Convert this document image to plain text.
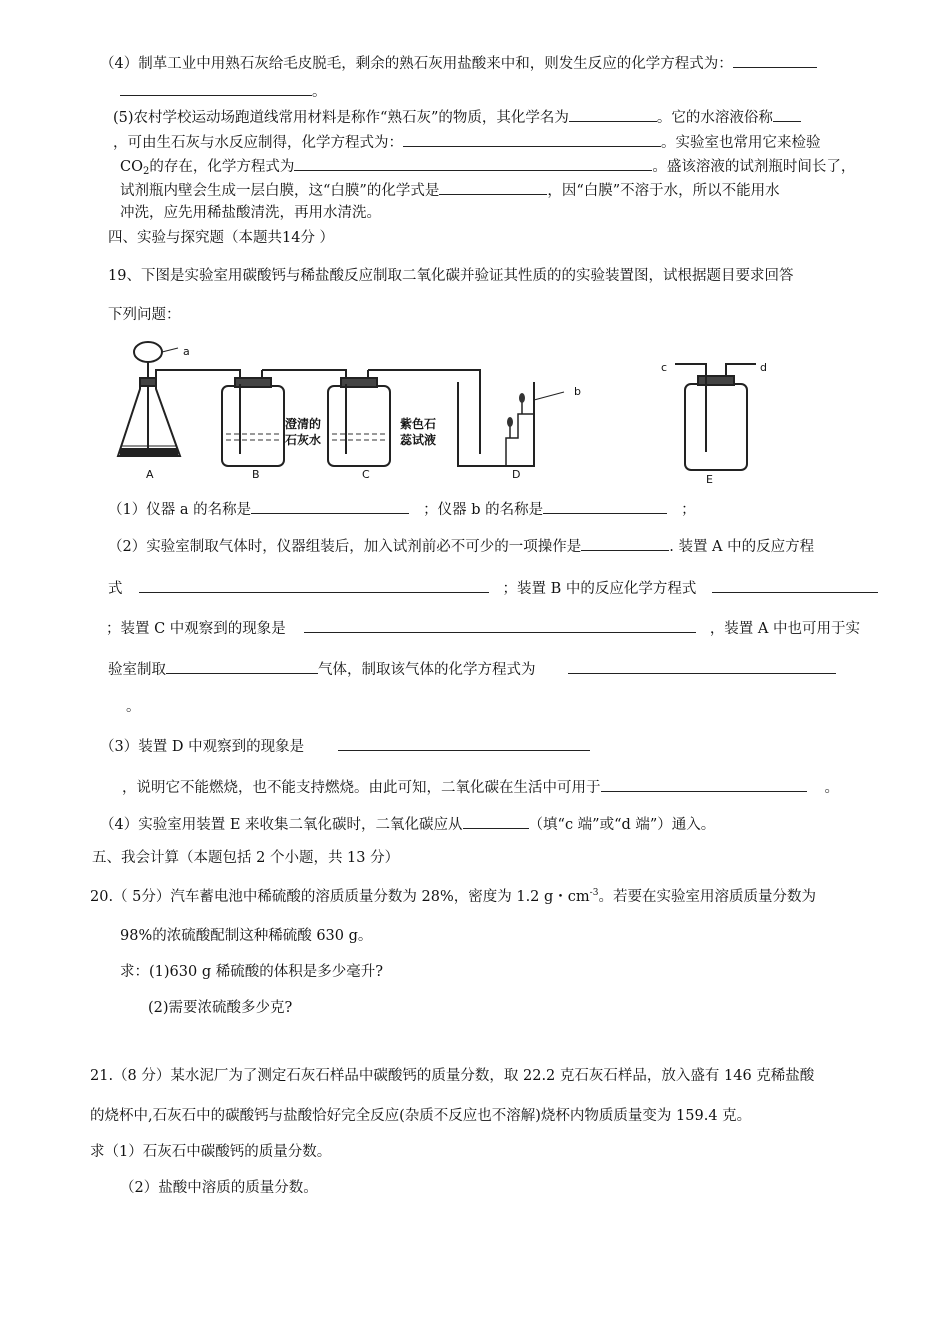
（4）制革工业中用熟石灰给毛皮脱毛，剩余的熟石灰用盐酸来中和，则发生反应的化学方程式为：
。
(5)农村学校运动场跑道线常用材料是称作“熟石灰”的物质，其化学名为	。它的水溶液俗称
，可由生石灰与水反应制得，化学方程式为：	。实验室也常用它来检验
$CO_2$的存在，化学方程式为	。盛该溶液的试剂瓶时间长了，
试剂瓶内壁会生成一层白膜，这“白膜”的化学式是	，因“白膜”不溶于水，所以不能用水
冲洗，应先用稀盐酸清洗，再用水清洗。
四、实验与探究题（本题共14分 ）
19、下图是实验室用碳酸钙与稀盐酸反应制取二氧化碳并验证其性质的的实验装置图，试根据题目要求回答
下列问题：
a
b
c	d
澄清的
石灰水
紫色石
蕊试液
A	B	C	D	E
（1）仪器 a 的名称是	；仪器 b 的名称是	；
（2）实验室制取气体时，仪器组装后，加入试剂前必不可少的一项操作是	. 装置 A 中的反应方程
式	；装置 B 中的反应化学方程式
；装置 C 中观察到的现象是	，装置 A 中也可用于实
验室制取	气体，制取该气体的化学方程式为
。
（3）装置 D 中观察到的现象是
，说明它不能燃烧，也不能支持燃烧。由此可知，二氧化碳在生活中可用于	。
（4）实验室用装置 E 来收集二氧化碳时，二氧化碳应从	（填“c 端”或“d 端”）通入。
五、我会计算（本题包括 2 个小题，共 13 分）
20.（ 5分）汽车蓄电池中稀硫酸的溶质质量分数为 28%，密度为 1.2 g・$cm^{-3}$。若要在实验室用溶质质量分数为
98%的浓硫酸配制这种稀硫酸 630 g。
求：(1)630 g 稀硫酸的体积是多少毫升?
(2)需要浓硫酸多少克?
21.（8 分）某水泥厂为了测定石灰石样品中碳酸钙的质量分数，取 22.2 克石灰石样品，放入盛有 146 克稀盐酸
的烧杯中,石灰石中的碳酸钙与盐酸恰好完全反应(杂质不反应也不溶解)烧杯内物质质量变为 159.4 克。
求（1）石灰石中碳酸钙的质量分数。
（2）盐酸中溶质的质量分数。
